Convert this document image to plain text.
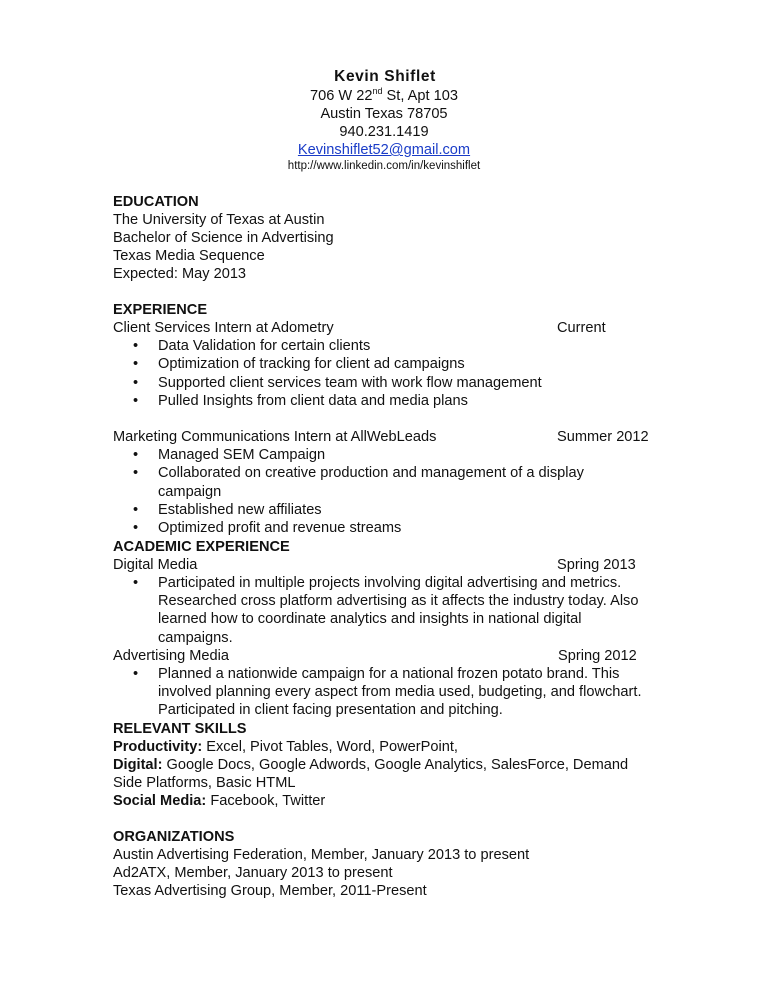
Kevin Shiflet
706 W 22nd St, Apt 103
Austin Texas 78705
940.231.1419
Kevinshiflet52@gmail.com
http://www.linkedin.com/in/kevinshiflet
EDUCATION
The University of Texas at Austin
Bachelor of Science in Advertising
Texas Media Sequence
Expected: May 2013
EXPERIENCE
Client Services Intern at Adometry	Current
• Data Validation for certain clients
• Optimization of tracking for client ad campaigns
• Supported client services team with work flow management
• Pulled Insights from client data and media plans
Marketing Communications Intern at AllWebLeads	Summer 2012
• Managed SEM Campaign
• Collaborated on creative production and management of a display campaign
• Established new affiliates
• Optimized profit and revenue streams
ACADEMIC EXPERIENCE
Digital Media	Spring 2013
• Participated in multiple projects involving digital advertising and metrics. Researched cross platform advertising as it affects the industry today. Also learned how to coordinate analytics and insights in national digital campaigns.
Advertising Media	Spring 2012
• Planned a nationwide campaign for a national frozen potato brand. This involved planning every aspect from media used, budgeting, and flowchart. Participated in client facing presentation and pitching.
RELEVANT SKILLS
Productivity: Excel, Pivot Tables, Word, PowerPoint,
Digital: Google Docs, Google Adwords, Google Analytics, SalesForce, Demand
Side Platforms, Basic HTML
Social Media: Facebook, Twitter
ORGANIZATIONS
Austin Advertising Federation, Member, January 2013 to present
Ad2ATX, Member, January 2013 to present
Texas Advertising Group, Member, 2011-Present
